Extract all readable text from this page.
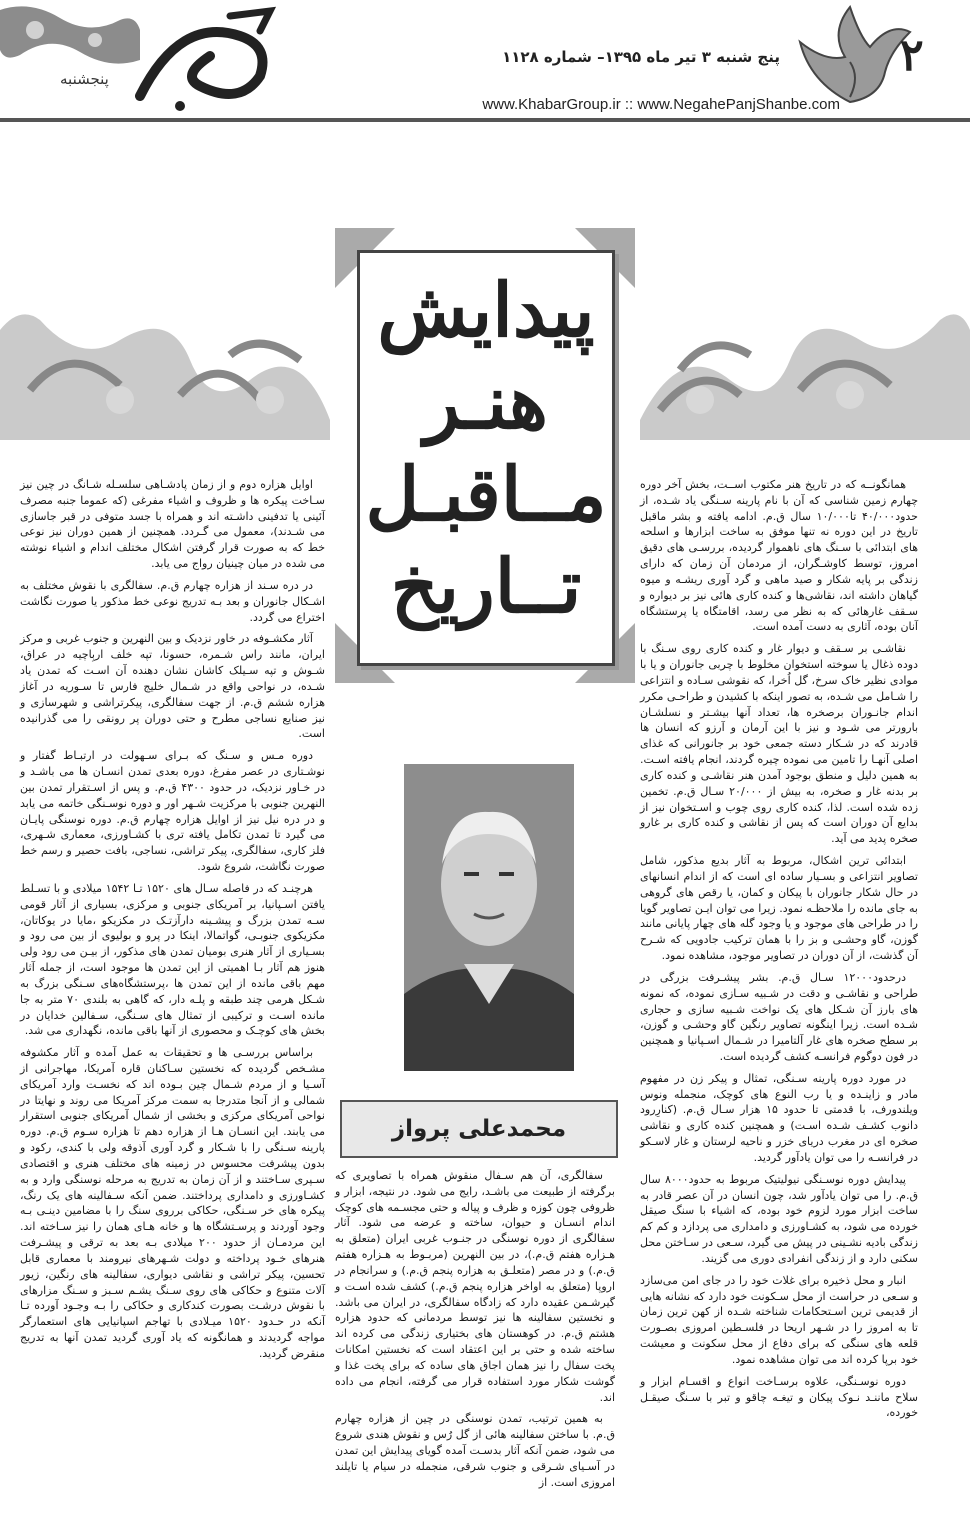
پنجشنبه
پنج شنبه ۳ تیر ماه ۱۳۹۵– شماره ۱۱۲۸
www.KhabarGroup.ir :: www.NegahePanjShanbe.com
۲
پیدایش
هنـر
مــاقبـل
تــاریخ
محمدعلی پرواز

همانگونــه که در تاریخ هنر مکتوب اســت، بخش آخر دوره چهارم زمین شناسی که آن با نام پارینه سـنگی یاد شـده، از حدود۴۰/۰۰۰ تا۱۰/۰۰۰ سال ق.م. ادامه یافته و بشر ماقبل تاریخ در این دوره نه تنها موفق به ساخت ابزارها و اسلحه های ابتدائی با سـنگ های ناهموار گردیده، بررسـی های دقیق امروز، توسط کاوشـگران، از مردمان آن زمان که دارای زندگی بر پایه شکار و صید ماهی و گرد آوری ریشـه و میوه گیاهان داشته اند، نقاشی‌ها و کنده کاری هائی نیز بر دیواره و سـقف غارهائی که به نظر می رسد، اقامتگاه یا پرستشگاه آنان بوده، آثاری به دست آمده است.

نقاشـی بر سـقف و دیوار غار و کنده کاری روی سـنگ با دوده ذغال یا سوخته استخوان مخلوط با چربی جانوران و یا با موادی نظیر خاک سرخ، گل اُخرا، که نقوشی سـاده و انتزاعی را شـامل می شـده، به تصور اینکه با کشیدن و طراحـی مکرر اندام جانـوران برصخره ها، تعداد آنها بیشـتر و نسلشـان بارورتر می شـود و نیز با این آرمان و آرزو که انسان ها قادرند که در شـکار دسته جمعی خود بر جانورانی که غذای اصلی آنهـا را تامین می نموده چیره گردند، انجام یافته اسـت. به همین دلیل و منطق بوجود آمدن هنر نقاشـی و کنده کاری بر بدنه غار و صخره، به بیش از ۲۰/۰۰۰ سـال ق.م. تخمین زده شده است. لذا، کنده کاری روی چوب و اسـتخوان نیز از بدایع آن دوران است که پس از نقاشی و کنده کاری بر غارو صخره پدید می آید.

ابتدائی ترین اشکال، مربوط به آثار بدیع مذکور، شامل تصاویر انتزاعی و بسـیار ساده ای است که از اندام انسانهای در حال شکار جانوران با پیکان و کمان، یا رقص های گروهی به جای مانده را ملاحظـه نمود. زیرا می توان ایـن تصاویر گویا را در طراحی های موجود و یا وجود گله های چهار پایانی مانند گوزن، گاو وحشـی و بز را با همان ترکیب جادویی که شـرح آن گذشت، از آن دوران در تصاویر موجود، مشاهده نمود.

درحدود۱۲۰۰۰ سـال ق.م. بشر پیشـرفت بزرگی در طراحی و نقاشـی و دقت در شـبیه سـازی نموده، که نمونه های بارز آن شـکل های یک نواخت شـبیه سازی و حجاری شـده است. زیرا اینگونه تصاویر رنگین گاو وحشـی و گوزن، بر سطح صخره های غار آلتامیرا در شـمال اسـپانیا و همچنین در فون دوگوم فرانسـه کشف گردیده است.

در مورد دوره پارینه سـنگی، تمثال و پیکر زن در مفهوم مادر و زاینـده و یا رب النوع های کوچک، منجمله ونوس ویلندورف، با قدمتی تا حدود ۱۵ هزار سـال ق.م. (کنارِرود دانوب کشـف شـده اسـت) و همچنین کنده کاری و نقاشی صخره ای در مغرب دریای خزر و ناحیه لرستان و غار لاسـکو در فرانسـه را می توان یادآور گردید.

پیدایش دوره نوسـنگی نیولیتیک مربوط به حدود۸۰۰۰ سال ق.م. را می توان یادآور شد، چون انسان در آن عصر قادر به ساخت ابزار مورد لزوم خود بوده، که اشیاء با سنگ صیقل خورده می شود، به کشـاورزی و دامداری می پردازد و کم کم زندگی بادیه نشـینی در پیش می گیرد، سـعی در سـاختن محل سکنی دارد و از زندگی انفرادی دوری می گزیند.

انبار و محل ذخیره برای غلات خود را در جای امن می‌سازد و سـعی در حراست از محل سـکونت خود دارد که نشانه هایی از قدیمی ترین اسـتحکامات شناخته شـده از کهن ترین زمان تا به امروز را در شـهر اریحا در فلسـطین امروزی بصـورت قلعه های سنگی که برای دفاع از محل سکونت و معیشت خود برپا کرده اند می توان مشاهده نمود.

دوره نوسـنگی، علاوه برسـاخت انواع و اقسـام ابزار و سلاح ماننـد نـوک پیکان و تیغـه چاقو و تبر با سـنگ صیقـل خورده،

سفالگری، آن هم سـفال منقوش همراه با تصاویری که برگرفته از طبیعت می باشـد، رایج می شود. در نتیجه، ابزار و ظروفی چون کوزه و ظرف و پیاله و حتی مجسـمه های کوچک اندام انسـان و حیوان، ساخته و عرضه می شود. آثار سفالگری از دوره نوسنگی در جنـوب غربی ایران (متعلق به هـزاره هفتم ق.م.)، در بین النهرین (مربـوط به هـزاره هفتم ق.م.) و در مصر (متعلـق به هزاره پنجم ق.م.) و سرانجام در اروپا (متعلق به اواخر هزاره پنجم ق.م.) کشف شده اسـت و گیرشـمن عقیده دارد که زادگاه سفالگری، در ایران می باشد. و نخستین سفالینه ها نیز توسط مردمانی که حدود هزاره هشتم ق.م. در کوهستان های بختیاری زندگی می کرده اند ساخته شده و حتی بر این اعتقاد است که نخستین امکانات پخت سفال را نیز همان اجاق های ساده که برای پخت غذا و گوشت شکار مورد استفاده قرار می گرفته، انجام می داده اند.

به همین ترتیب، تمدن نوسنگی در چین از هزاره چهارم ق.م. با ساختن سفالینه هائی از گل رُس و نقوش هندی شروع می شود، ضمن آنکه آثار بدسـت آمده گویای پیدایش این تمدن در آسـیای شـرقی و جنوب شرقی، منجمله در سیام یا تایلند امروزی است. از

اوایل هزاره دوم و از زمان پادشـاهی سلسـله شـانگ در چین نیز سـاخت پیکره ها و ظروف و اشیاء مفرغی (که عموما جنبه مصرف آئینی یا تدفینی داشـته اند و همراه با جسد متوفی در قبر جاسازی می شـدند)، معمول می گـردد. همچنین از همین دوران نیز نوعی خط که به صورت قرار گرفتن اشکال مختلف اندام و اشیاء نوشته می شده در میان چینیان رواج می یابد.

در دره سـند از هزاره چهارم ق.م. سفالگری با نقوش مختلف به اشـکال جانوران و بعد بـه تدریج نوعی خط مذکور یا صورت نگاشت اختراع می گردد.

آثار مکشـوفه در خاور نزدیک و بین النهرین و جنوب غربی و مرکز ایران، مانند راس شـمره، حسونا، تپه خلف اربِاچیه در عراق، شـوش و تپه سـیلک کاشان نشان دهنده آن اسـت که تمدن یاد شـده، در نواحی واقع در شـمال خلیج فارس تا سـوریه در آغاز هزاره ششم ق.م. از جهت سفالگری، پیکرتراشی و شهرسازی و نیز صنایع نساجی مطرح و حتی دوران پر رونقی را می گذرانیده است.

دوره مـس و سـنگ که بـرای سـهولت در ارتبـاط گفتار و نوشـتاری در عصر مفرغ، دوره بعدی تمدن انسـان ها می باشـد و در خـاور نزدیک، در حدود ۴۳۰۰ ق.م. و پس از اسـتقرار تمدن بین النهرین جنوبی با مرکزیت شـهر اور و دوره نوسـنگی خاتمه می یابد و در دره نیل نیز از اوایل هزاره چهارم ق.م. دوره نوسنگی پایـان می گیرد تا تمدن تکامل یافته تری با کشـاورزی، معماری شـهری، فلز کاری، سفالگری، پیکر تراشی، نساجی، بافت حصیر و رسم خط صورت نگاشت، شروع شود.

هرچنـد که در فاصله سـال های ۱۵۲۰ تـا ۱۵۴۲ میلادی و با تسـلط یافتن اسـپانیا، بر آمریکای جنوبی و مرکزی، بسیاری از آثار قومی سـه تمدن بزرگ و پیشـینه دارآزتـک در مکزیکو ،مایا در یوکاتان، مکزیکوی جنوبـی، گواتمالا، اینکا در پرو و بولیوی از بین می رود و بسـیاری از آثار هنری بومیان تمدن های مذکور، از بیـن می رود ولی هنوز هم آثار بـا اهمیتی از این تمدن ها موجود است، از جمله آثار مهم باقی مانده از این تمدن ها ،پرستشگاه‌های سـنگی بزرگ به شـکل هرمی چند طبقه و پلـه دار، که گاهی به بلندی ۷۰ متر به جا مانده اسـت و ترکیبی از تمثال های سـنگی، سـفالین خدایان در بخش های کوچـک و محصوری از آنها باقی مانده، نگهداری می شد.

براساس بررسـی ها و تحقیقات به عمل آمده و آثار مکشوفه مشـخص گردیده که نخستین سـاکنان قاره آمریکا، مهاجرانی از آسـیا و از مردم شـمال چین بـوده اند که نخسـت وارد آمریکای شمالی و از آنجا متدرجا به سمت مرکز آمریکا می روند و نهایتا در نواحی آمریکای مرکزی و بخشی از شمال آمریکای جنوبی استقرار می یابند. این انسـان هـا از هزاره دهم تا هزاره سـوم ق.م. دوره پارینه سـنگی را با شـکار و گرد آوری آذوقه ولی با کندی، رکود و بدون پیشرفت محسوس در زمینه های مختلف هنری و اقتصادی سـپری سـاختند و از آن زمان به تدریج به مرحله نوسنگی وارد و به کشـاورزی و دامداری پرداختند. ضمن آنکه سـفالینه های یک رنگ، پیکره های خر سـنگی، حکاکی برروی سنگ را با مضامین دینـی بـه وجود آوردند و پرسـتشگاه ها و خانه هـای همان را نیز سـاخته اند. این مردمـان از حدود ۲۰۰ میلادی بـه بعد به ترقی و پیشـرفت هنرهای خـود پرداخته و دولت شـهرهای نیرومند با معماری قابل تحسین، پیکر تراشی و نقاشی دیواری، سفالینه های رنگین، زیور آلات متنوع و حکاکی های روی سـنگ یشـم سـبز و سـنگ مزارهای با نقوش درشـت بصورت کندکاری و حکاکی را بـه وجـود آورده تـا آنکه در حـدود ۱۵۲۰ میـلادی با تهاجم اسپانیایی های استعمارگر مواجه گردیدند و همانگونه که یاد آوری گردید تمدن آنها به تدریج منقرض گردید.
